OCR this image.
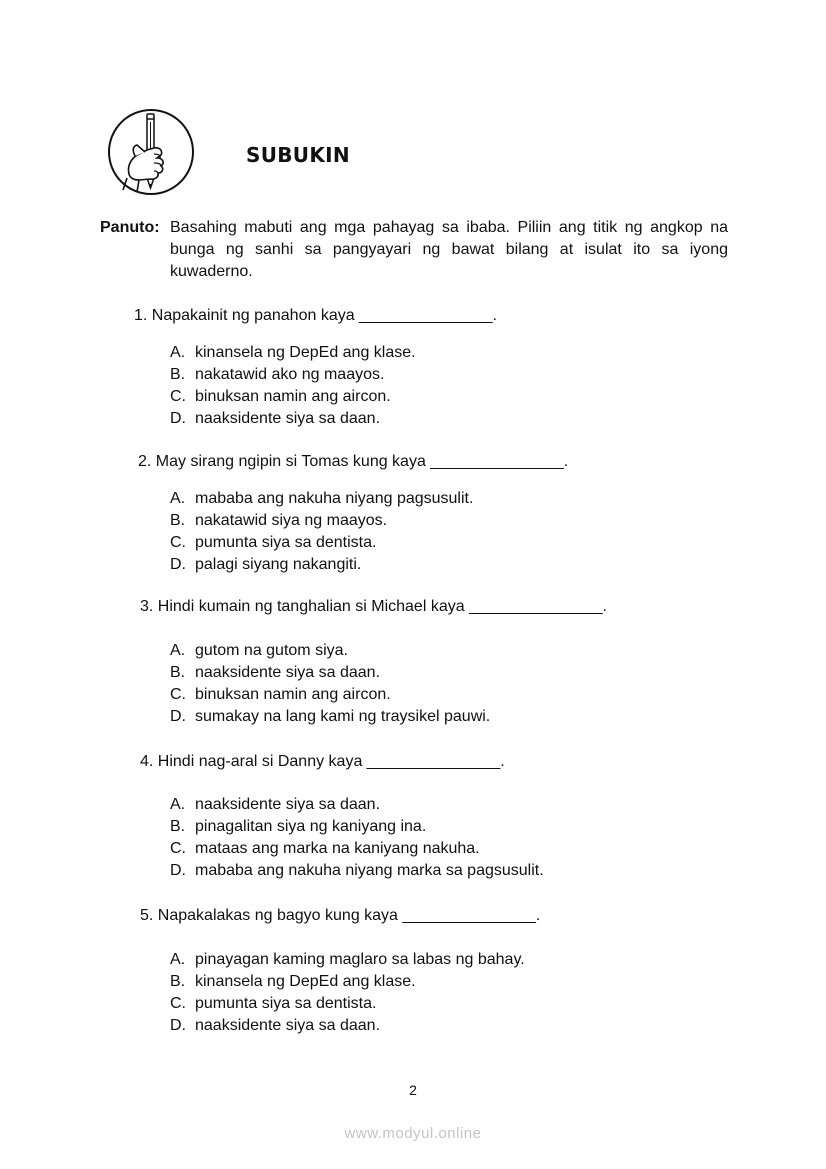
SUBUKIN
Panuto: Basahing mabuti ang mga pahayag sa ibaba. Piliin ang titik ng angkop na bunga ng sanhi sa pangyayari ng bawat bilang at isulat ito sa iyong kuwaderno.
1. Napakainit ng panahon kaya _______________.
A. kinansela ng DepEd ang klase.
B. nakatawid ako ng maayos.
C. binuksan namin ang aircon.
D. naaksidente siya sa daan.
2. May sirang ngipin si Tomas kung kaya _______________.
A. mababa ang nakuha niyang pagsusulit.
B. nakatawid siya ng maayos.
C. pumunta siya sa dentista.
D. palagi siyang nakangiti.
3. Hindi kumain ng tanghalian si Michael kaya _______________.
A. gutom na gutom siya.
B. naaksidente siya sa daan.
C. binuksan namin ang aircon.
D. sumakay na lang kami ng traysikel pauwi.
4. Hindi nag-aral si Danny kaya _______________.
A. naaksidente siya sa daan.
B. pinagalitan siya ng kaniyang ina.
C. mataas ang marka na kaniyang nakuha.
D. mababa ang nakuha niyang marka sa pagsusulit.
5. Napakalakas ng bagyo kung kaya _______________.
A. pinayagan kaming maglaro sa labas ng bahay.
B. kinansela ng DepEd ang klase.
C. pumunta siya sa dentista.
D. naaksidente siya sa daan.
2
www.modyul.online
